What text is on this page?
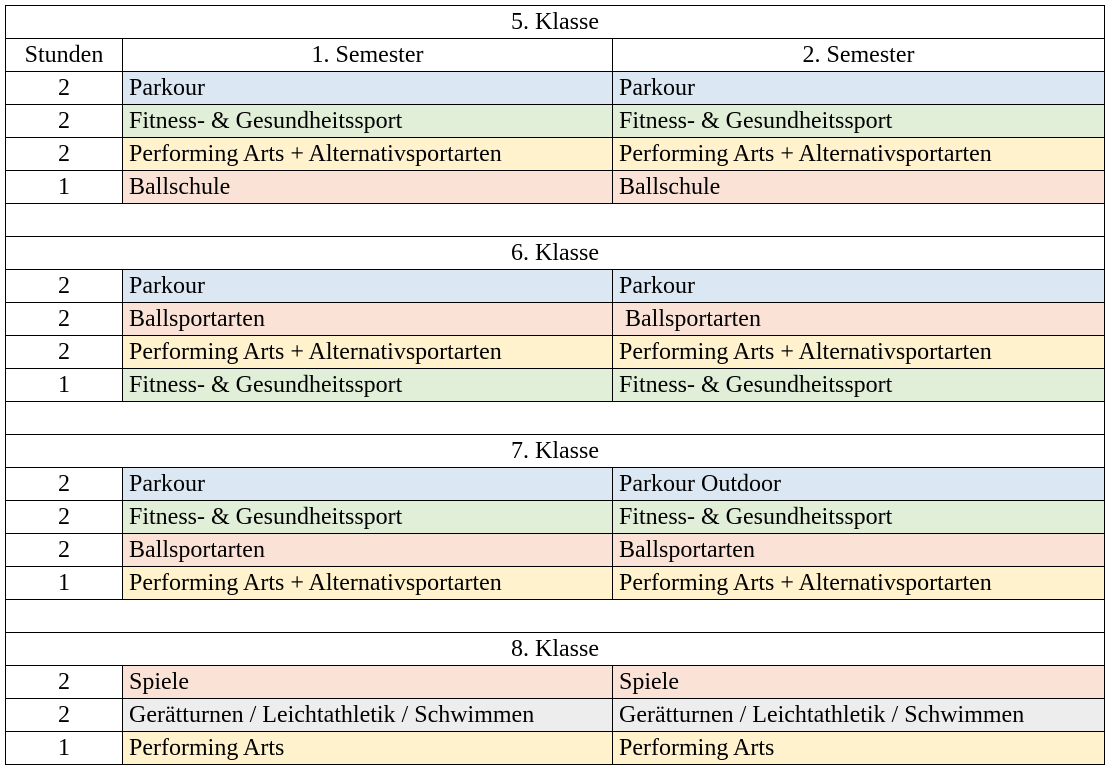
5. Klasse		
Stunden	1. Semester	2. Semester
2	Parkour	Parkour
2	Fitness- & Gesundheitssport	Fitness- & Gesundheitssport
2	Performing Arts + Alternativsportarten	Performing Arts + Alternativsportarten
1	Ballschule	Ballschule

6. Klasse		
2	Parkour	Parkour
2	Ballsportarten	Ballsportarten
2	Performing Arts + Alternativsportarten	Performing Arts + Alternativsportarten
1	Fitness- & Gesundheitssport	Fitness- & Gesundheitssport

7. Klasse		
2	Parkour	Parkour Outdoor
2	Fitness- & Gesundheitssport	Fitness- & Gesundheitssport
2	Ballsportarten	Ballsportarten
1	Performing Arts + Alternativsportarten	Performing Arts + Alternativsportarten

8. Klasse		
2	Spiele	Spiele
2	Gerätturnen / Leichtathletik / Schwimmen	Gerätturnen / Leichtathletik / Schwimmen
1	Performing Arts	Performing Arts
